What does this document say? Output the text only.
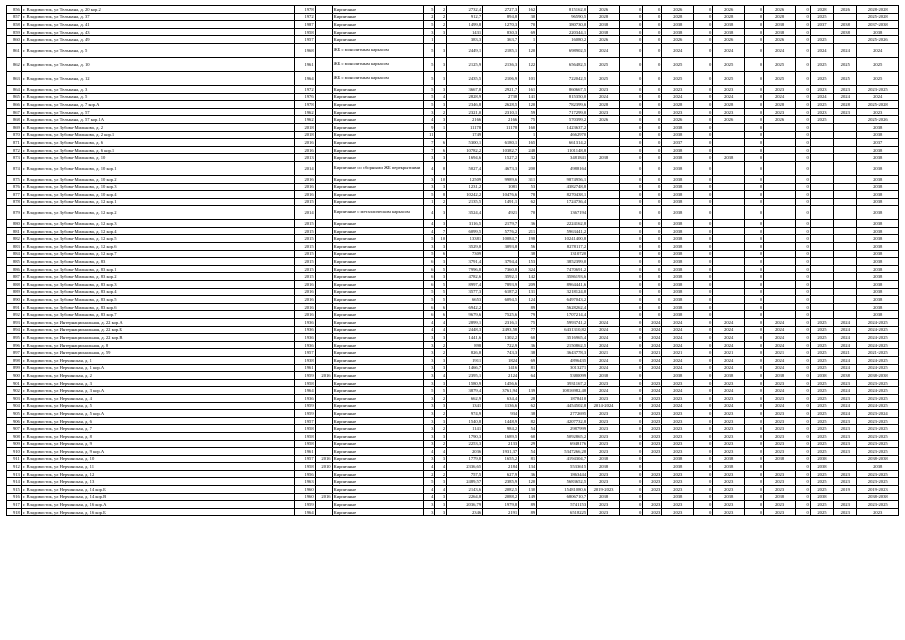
856	г. Владивосток, ул Тельмана, д. 20 кор.2	1978		Кирпичные	5	2	2732,4	2727,3	162	815162,0	2026	0	0	2026	0	2026	0	2026	0	2028	2026	2028-2028
857	г. Владивосток, ул Тельмана, д. 37	1972		Кирпичные	2	2	912,7	894,8	30	96590,5	2028	0	0	2028	0	2028	0	2028	0	2025		2025-2028
858	г. Владивосток, ул Тельмана, д. 41	1987		Кирпичные	5	2	1499,8	1270,3	70	380730,0	2038	0	0	2038	0	2038	0	2038	0	2037	2038	2037-2038
859	г. Владивосток, ул Тельмана, д. 43	1958		Кирпичные	3	3	1431	830,3	69	220344,1	2038	0	0	2038	0	2038	0	2038	0		2038	2038
860	г. Владивосток, ул Тельмана, д. 49	1957		Кирпичные	1		383,3	363,7	1	16080,2	2026	0	0	2026	0	2026	0	2026	0	2025		2025-2026
861	г. Владивосток, ул Тельмана, д. 5	1968		ЖБ с монолитным каркасом	5	3	2449,1	2185,1	120	698902,5	2024	0	0	2024	0	2024	0	2024	0	2024	2024	2024
862	г. Владивосток, ул Тельмана, д. 10	1961		ЖБ с монолитным каркасом	5	3	2125,9	2136,3	122	656482,5	2025	0	0	2025	0	2025	0	2025	0	2025	2025	2025
863	г. Владивосток, ул Тельмана, д. 12	1964		ЖБ с монолитным каркасом	5	3	2435,5	2106,9	101	722042,5	2025	0	0	2025	0	2025	0	2025	0	2025	2025	2025
864	г. Владивосток, ул Тельмана, д. 3	1972		Кирпичные	5	3	3667,8	2921,7	161	860667,5	2023	0	0	2023	0	2023	0	2023	0	2023	2023	2023-2025
865	г. Владивосток, ул Тельмана, д. 5	1976		Кирпичные	5	4	2828,9	2738	141	815350,0	2024	0	0	2024	0	2024	0	2024	0	2024	2024	2024
866	г. Владивосток, ул Тельмана, д. 7 кор.А	1978		Кирпичные	5	3	2346,8	2628,5	120	782399,6	2028	0	0	2028	0	2028	0	2028	0	2025	2028	2025-2028
867	г. Владивосток, ул Тельмана, д. 57	1962		Кирпичные	3	2	2321,0	2310,1	59	717299,0	2023	0	0	2023	0	2023	0	2023	0	2023	2023	2023
868	г. Владивосток, ул Тельмана, д. 57 кор.1А	1962		Кирпичные	4	3	2166	2166	75	570399,2	2026	0	0	2026	0	2026	0	2026	0	2025		2025-2026
869	г. Владивосток, ул Зубова-Милькова, д. 2	2018		Кирпичные	9	1	11178	11178	160	1423637,2		0	0	2038	0		0		0			2038
870	г. Владивосток, ул Зубова-Милькова, д. 2 кор.1	2018		Кирпичные	11		1749		1	4662970		0	0	2038	0		0		0			2038
871	г. Владивосток, ул Зубова-Милькова, д. 6	2016		Кирпичные	7	6	5300,1	6180,1	165	661314,2		0	0	2037	0		0		0			2037
872	г. Владивосток, ул Зубова-Милькова, д. 6 кор.1	2016		Кирпичные	7	6	10782,2	10382,7	248	1101148,8		0	0	2038	0		0		0			2038
873	г. Владивосток, ул Зубова-Милькова, д. 10	2013		Кирпичные	3	3	1694,6	1527,2	32	3481841	2038	0	0	2038	0	2038	0		0			2038
874	г. Владивосток, ул Зубова-Милькова, д. 10 кор.1	2014		Кирпичные со сборными ЖБ перекрытиями	4	8	5027,4	4673,3	200	4988164		0	0	2038	0		0		0			2038
875	г. Владивосток, ул Зубова-Милькова, д. 10 кор.2	2016		Кирпичные	3	10	12509	9989,6	311	9874956,1		0	0	2038	0		0		0			2038
876	г. Владивосток, ул Зубова-Милькова, д. 10 кор.3	2016		Кирпичные	3	3	1231,2	1081	53	4382748,8		0	0	2038	0		0		0			2038
877	г. Владивосток, ул Зубова-Милькова, д. 10 кор.4	2016		Кирпичные	5	8	10242,2	10476,6	78	8270438,1		0	0	2038	0		0		0			2038
878	г. Владивосток, ул Зубова-Милькова, д. 12 кор.1	2015		Кирпичные	1	2	2135,5	1491,1	62	1724736,4		0	0	2038	0		0		0			2038
879	г. Владивосток, ул Зубова-Милькова, д. 12 кор.2	2014		Кирпичные с металлическим каркасом	4	3	3524,4	4921	70	1367194		0	0	2038	0		0		0			2038
880	г. Владивосток, ул Зубова-Милькова, д. 12 кор.3	2015		Кирпичные	4	3	3116,5	2179,7	36	2224162,8		0	0	2038	0		0		0			2038
881	г. Владивосток, ул Зубова-Милькова, д. 12 кор.4	2015		Кирпичные	4	7	6099,5	5776,2	211	5963441,2		0	0	2038	0		0		0			2038
882	г. Владивосток, ул Зубова-Милькова, д. 12 кор.5	2015		Кирпичные	5	10	13381	10084,7	198	10241400,8		0	0	2038	0		0		0			2038
883	г. Владивосток, ул Зубова-Милькова, д. 12 кор.6	2015		Кирпичные	3	3	3529,8	3093,8	56	8278117,2		0	0	2038	0		0		0			2038
884	г. Владивосток, ул Зубова-Милькова, д. 12 кор.7	2015		Кирпичные	5	6	7309		38	1310720		0	0	2038	0		0		0			2038
885	г. Владивосток, ул Зубова-Милькова, д. 83	2015		Кирпичные	6	3	3791,4	3794,4	153	3852399,0		0	0	2038	0		0		0			2038
886	г. Владивосток, ул Зубова-Милькова, д. 83 кор.1	2015		Кирпичные	6	5	7996,8	7360,8	324	7470691,2		0	0	2038	0		0		0			2038
887	г. Владивосток, ул Зубова-Милькова, д. 83 кор.2	2015		Кирпичные	6	3	4782,6	3592,1	142	3586193,6		0	0	2038	0		0		0			2038
888	г. Владивосток, ул Зубова-Милькова, д. 83 кор.3	2016		Кирпичные	6	5	8997,4	7893,9	209	8964441,6		0	0	2038	0		0		0			2038
889	г. Владивосток, ул Зубова-Милькова, д. 83 кор.4	2016		Кирпичные	5	5	3577,3	6187,2	131	3218124,8		0	0	2038	0		0		0			2038
890	г. Владивосток, ул Зубова-Милькова, д. 83 кор.5	2016		Кирпичные	5	5	6653	6094,5	124	6497043,2		0	0	2038	0		0		0			2038
891	г. Владивосток, ул Зубова-Милькова, д. 83 кор.6	2016		Кирпичные	6	6	6942,2		89	5628262,4		0	0	2038	0		0		0			2038
892	г. Владивосток, ул Зубова-Милькова, д. 83 кор.7	2016		Кирпичные	6	6	9679,6	7525,6	79	1707214,4		0	0	2038	0		0		0			2038
893	г. Владивосток, ул Интернациональная, д. 22 кор.А	1936		Кирпичные	4	4	2899,1	2316,1	75	5993741,2	2024	0	2024	2024	0	2024	0	2024	0	2025	2024	2024-2025
894	г. Владивосток, ул Интернациональная, д. 22 кор.Б	1936		Кирпичные	4	4	2448,3	2493,58	77	6431310,82	2024	0	2024	2024	0	2024	0	2024	0	2025	2024	2024-2025
895	г. Владивосток, ул Интернациональная, д. 22 кор.В	1936		Кирпичные	3	3	1441,6	1302,2	60	3516965,4	2024	0	2024	2024	0	2024	0	2024	0	2025	2024	2024-2025
896	г. Владивосток, ул Интернациональная, д. 8	1936		Кирпичные	3	2	898	722,9	36	2150862,5	2024	0	2024	2024	0	2024	0	2024	0	2025	2024	2024-2025
897	г. Владивосток, ул Интернациональная, д. 59	1957		Кирпичные	3	2	826,8	743,3	38	3643778,3	2021	0	2021	2021	0	2021	0	2021	0	2025	2021	2021-2025
898	г. Владивосток, ул Нерчинская, д. 1	1938		Кирпичные	3	3	1911	1824	69	4896435	2024	0	2024	2024	0	2024	0	2024	0	2025	2024	2024-2025
899	г. Владивосток, ул Нерчинская, д. 1 кор.А	1961		Кирпичные	3	3	1466,7	1416	81	3013271	2024	0	2024	2024	0	2024	0	2024	0	2025	2024	2024-2025
900	г. Владивосток, ул Нерчинская, д. 2	1959	2016	Кирпичные	3	4	2395,1	2124	64	5380099	2038	0		2038	0	2038	0	2038	0	2038	2038	2038-2038
901	г. Владивосток, ул Нерчинская, д. 3	1958		Кирпичные	3	3	1580,9	1456,6		3931167,2	2023	0	2023	2023	0	2023	0	2023	0	2025	2023	2023-2025
902	г. Владивосток, ул Нерчинская, д. 3 кор.А	1964		Кирпичные	5	5	3879,4	3761,94	139	10816982,48	2024	0	2024	2024	0	2024	0	2024	0	2025	2024	2024-2025
903	г. Владивосток, ул Нерчинская, д. 4	1936		Кирпичные	3	2	662,9	634,4	28	1878410	2023	0	2023	2023	0	2023	0	2023	0	2025	2023	2023-2025
904	г. Владивосток, ул Нерчинская, д. 5	1959		Кирпичные	3	3	1341	1136,6	62	4454502,8	2014-2024	0	2024	2024	0	2024	0	2024	0	2025	2024	2024-2025
905	г. Владивосток, ул Нерчинская, д. 5 кор.А	1959		Кирпичные	3	2	974,9	934	38	2772695	2023	0	2023	2023	0	2023	0	2023	0	2025	2024	2023-2024
906	г. Владивосток, ул Нерчинская, д. 6	1957		Кирпичные	3	3	1540,8	1448,9	82	4207732,8	2023	0	2023	2023	0	2023	0	2023	0	2025	2023	2023-2025
907	г. Владивосток, ул Нерчинская, д. 7	1958		Кирпичные	3	2	1141	984,2	54	2987999	2023	0	2023	2023	0	2023	0	2023	0	2025	2023	2023-2025
908	г. Владивосток, ул Нерчинская, д. 8	1958		Кирпичные	3	3	1790,3	1689,5	60	5092865,2	2023	0	2023	2023	0	2023	0	2023	0	2025	2023	2023-2025
909	г. Владивосток, ул Нерчинская, д. 9	1958		Кирпичные	3	2	2253,3	2133	29	6948176	2023	0	2023	2023	0	2023	0	2023	0	2025	2023	2023-2025
910	г. Владивосток, ул Нерчинская, д. 9 кор.А	1961		Кирпичные	4	4	2036	1931,37	54	5347266,28	2023	0	2023	2023	0	2023	0	2023	0	2025	2023	2023-2025
911	г. Владивосток, ул Нерчинская, д. 10	1957	2016	Кирпичные	3	3	1779,8	1655,2	81	4194304,7	2038	0		2038	0	2038	0	2038	0	2038		2038-2038
912	г. Владивосток, ул Нерчинская, д. 11	1958	2010	Кирпичные	4	4	2336,65	2184	134	5533615	2038	0		2038	0	2038	0		0	2038		2038
913	г. Владивосток, ул Нерчинская, д. 12	1956		Кирпичные	2	2	757,5	627,9	36	1863444	2023	0	2023	2023	0	2023	0	2023	0	2025	2023	2023-2025
914	г. Владивосток, ул Нерчинская, д. 13	1963		Кирпичные	5	3	2489,57	2385,9	120	5683652,5	2023	0	2023	2023	0	2023	0	2023	0	2025	2023	2023-2025
915	г. Владивосток, ул Нерчинская, д. 14 кор.Б	1960		Кирпичные	4	4	2143,6	2082,5	130	15481080,6	2019-2023	0	2023	2023	0	2023	0	2023	0	2025	2019	2019-2023
916	г. Владивосток, ул Нерчинская, д. 14 кор.В	1960	2016	Кирпичные	4	3	2264,8	2088,2	149	6806710,7	2038	0		2038	0	2038	0	2038	0	2038		2038-2038
917	г. Владивосток, ул Нерчинская, д. 16 кор.А	1959		Кирпичные	3	3	2036,79	1979,8	89	5741153	2023	0	2023	2023	0	2023	0	2023	0	2025	2023	2023-2025
918	г. Владивосток, ул Нерчинская, д. 16 кор.Б	1964		Кирпичные	3	3	2346	2191	89	6518225	2023	0	2023	2023	0	2023	0	2023	0	2025	2023	2023
